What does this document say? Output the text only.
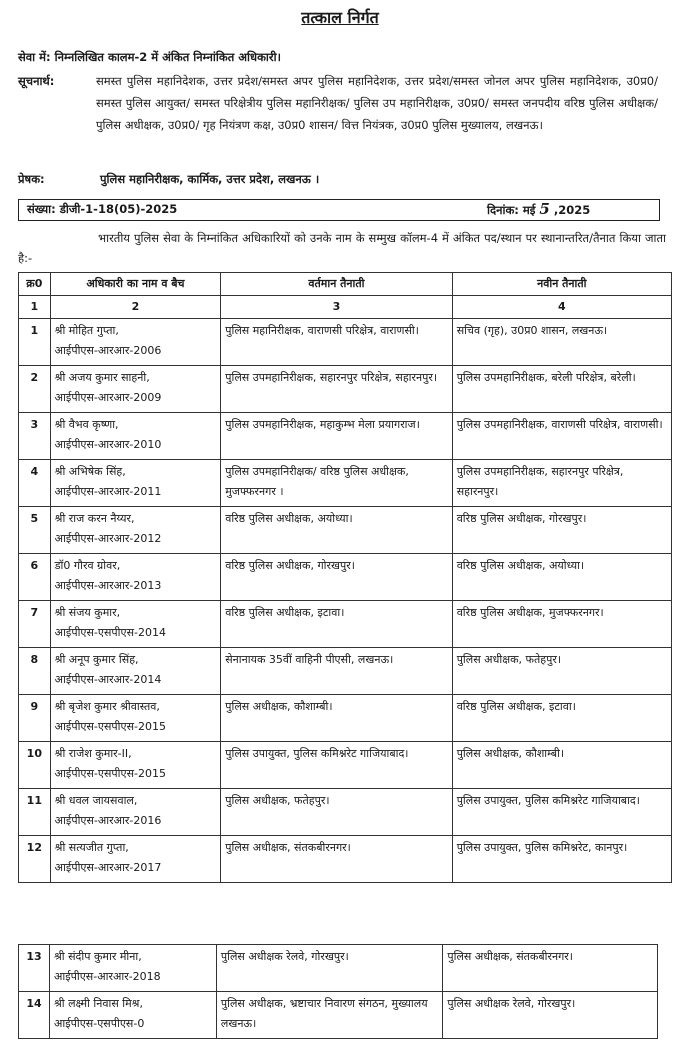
तत्काल निर्गत
सेवा में: निम्नलिखित कालम-2 में अंकित निम्नांकित अधिकारी।
सूचनार्थ:	समस्त पुलिस महानिदेशक, उत्तर प्रदेश/समस्त अपर पुलिस महानिदेशक, उत्तर प्रदेश/समस्त जोनल अपर पुलिस महानिदेशक, उ0प्र0/समस्त पुलिस आयुक्त/ समस्त परिक्षेत्रीय पुलिस महानिरीक्षक/ पुलिस उप महानिरीक्षक, उ0प्र0/ समस्त जनपदीय वरिष्ठ पुलिस अधीक्षक/पुलिस अधीक्षक, उ0प्र0/ गृह नियंत्रण कक्ष, उ0प्र0 शासन/ वित्त नियंत्रक, उ0प्र0 पुलिस मुख्यालय, लखनऊ।
प्रेषक:	पुलिस महानिरीक्षक, कार्मिक, उत्तर प्रदेश, लखनऊ ।
संख्या: डीजी-1-18(05)-2025	दिनांक: मई 5 ,2025
भारतीय पुलिस सेवा के निम्नांकित अधिकारियों को उनके नाम के सम्मुख कॉलम-4 में अंकित पद/स्थान पर स्थानान्तरित/तैनात किया जाता है:-
क्र0	अधिकारी का नाम व बैच	वर्तमान तैनाती	नवीन तैनाती
1	2	3	4
1	श्री मोहित गुप्ता,
आईपीएस-आरआर-2006	पुलिस महानिरीक्षक, वाराणसी परिक्षेत्र, वाराणसी।	सचिव (गृह), उ0प्र0 शासन, लखनऊ।
2	श्री अजय कुमार साहनी,
आईपीएस-आरआर-2009	पुलिस उपमहानिरीक्षक, सहारनपुर परिक्षेत्र, सहारनपुर।	पुलिस उपमहानिरीक्षक, बरेली परिक्षेत्र, बरेली।
3	श्री वैभव कृष्णा,
आईपीएस-आरआर-2010	पुलिस उपमहानिरीक्षक, महाकुम्भ मेला प्रयागराज।	पुलिस उपमहानिरीक्षक, वाराणसी परिक्षेत्र, वाराणसी।
4	श्री अभिषेक सिंह,
आईपीएस-आरआर-2011	पुलिस उपमहानिरीक्षक/ वरिष्ठ पुलिस अधीक्षक, मुजफ्फरनगर ।	पुलिस उपमहानिरीक्षक, सहारनपुर परिक्षेत्र, सहारनपुर।
5	श्री राज करन नैय्यर,
आईपीएस-आरआर-2012	वरिष्ठ पुलिस अधीक्षक, अयोध्या।	वरिष्ठ पुलिस अधीक्षक, गोरखपुर।
6	डॉ0 गौरव ग्रोवर,
आईपीएस-आरआर-2013	वरिष्ठ पुलिस अधीक्षक, गोरखपुर।	वरिष्ठ पुलिस अधीक्षक, अयोध्या।
7	श्री संजय कुमार,
आईपीएस-एसपीएस-2014	वरिष्ठ पुलिस अधीक्षक, इटावा।	वरिष्ठ पुलिस अधीक्षक, मुजफ्फरनगर।
8	श्री अनूप कुमार सिंह,
आईपीएस-आरआर-2014	सेनानायक 35वीं वाहिनी पीएसी, लखनऊ।	पुलिस अधीक्षक, फतेहपुर।
9	श्री बृजेश कुमार श्रीवास्तव,
आईपीएस-एसपीएस-2015	पुलिस अधीक्षक, कौशाम्बी।	वरिष्ठ पुलिस अधीक्षक, इटावा।
10	श्री राजेश कुमार-II,
आईपीएस-एसपीएस-2015	पुलिस उपायुक्त, पुलिस कमिश्नरेट गाजियाबाद।	पुलिस अधीक्षक, कौशाम्बी।
11	श्री धवल जायसवाल,
आईपीएस-आरआर-2016	पुलिस अधीक्षक, फतेहपुर।	पुलिस उपायुक्त, पुलिस कमिश्नरेट गाजियाबाद।
12	श्री सत्यजीत गुप्ता,
आईपीएस-आरआर-2017	पुलिस अधीक्षक, संतकबीरनगर।	पुलिस उपायुक्त, पुलिस कमिश्नरेट, कानपुर।
13	श्री संदीप कुमार मीना,
आईपीएस-आरआर-2018	पुलिस अधीक्षक रेलवे, गोरखपुर।	पुलिस अधीक्षक, संतकबीरनगर।
14	श्री लक्ष्मी निवास मिश्र,
आईपीएस-एसपीएस-0	पुलिस अधीक्षक, भ्रष्टाचार निवारण संगठन, मुख्यालय लखनऊ।	पुलिस अधीक्षक रेलवे, गोरखपुर।
